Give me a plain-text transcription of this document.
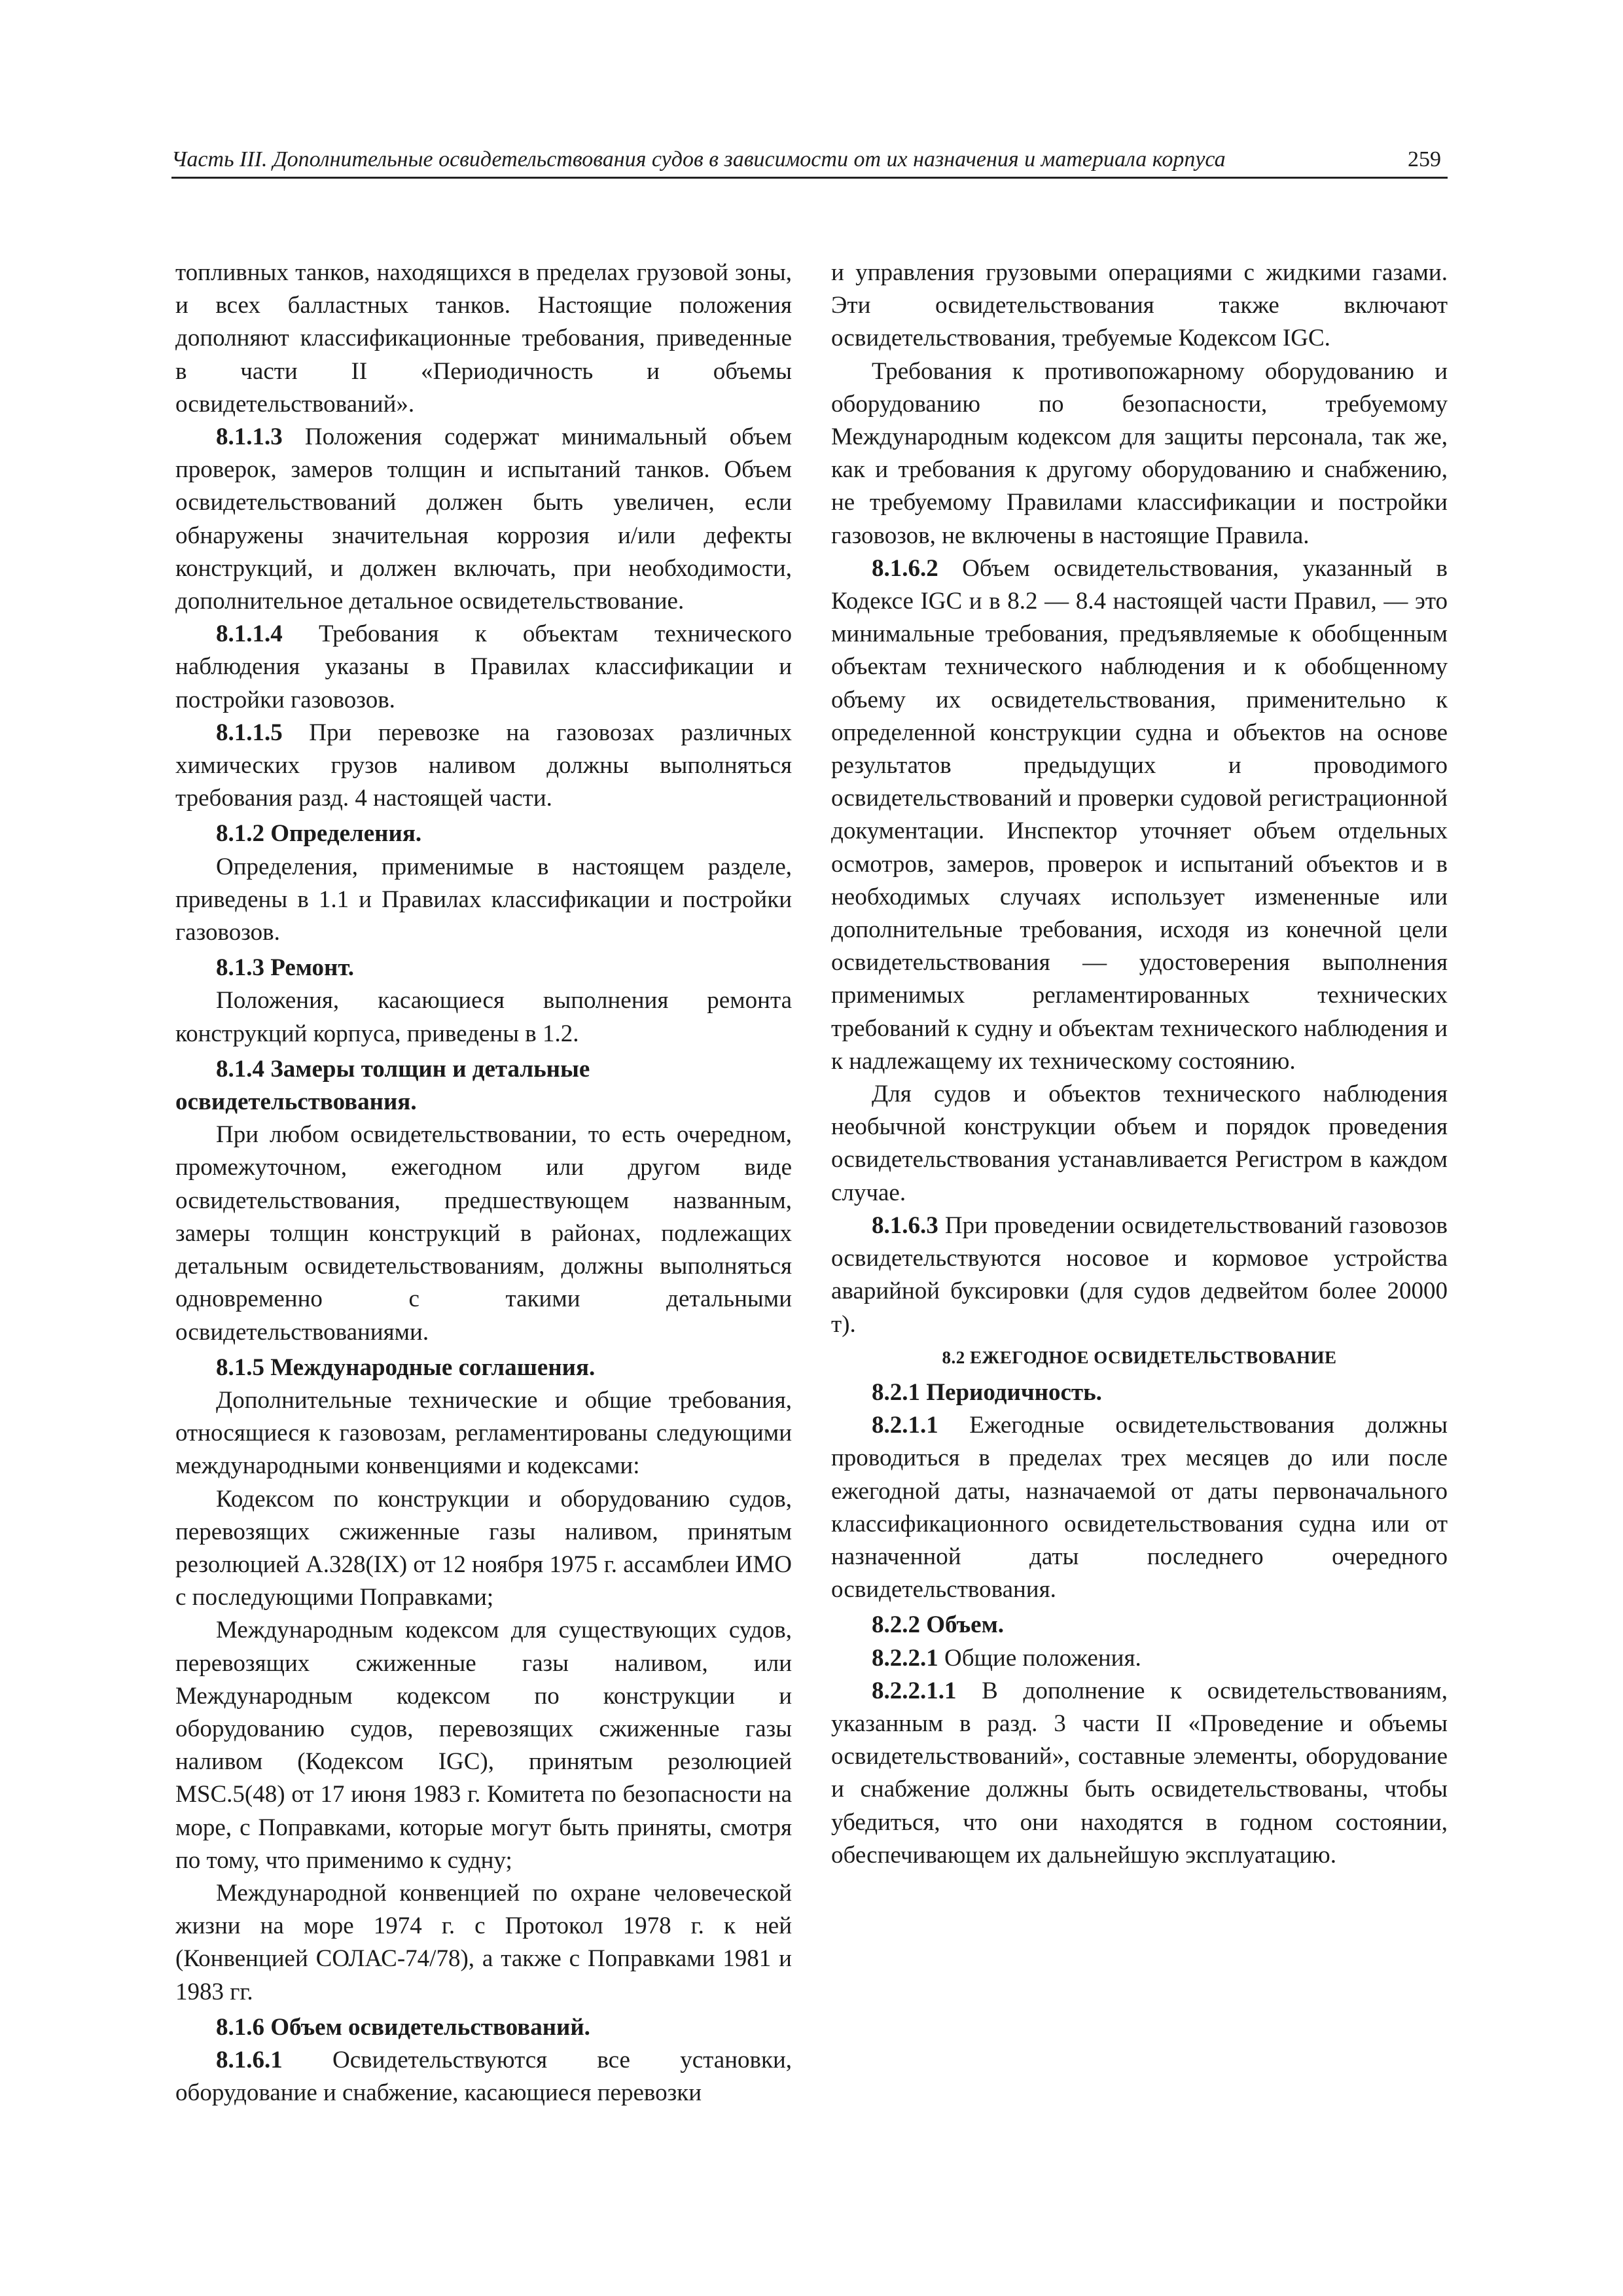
Часть III. Дополнительные освидетельствования судов в зависимости от их назначения и материала корпуса	259

топливных танков, находящихся в пределах грузовой зоны, и всех балластных танков. Настоящие положения дополняют классификационные требования, приведенные в части II «Периодичность и объемы освидетельствований».

8.1.1.3 Положения содержат минимальный объем проверок, замеров толщин и испытаний танков. Объем освидетельствований должен быть увеличен, если обнаружены значительная коррозия и/или дефекты конструкций, и должен включать, при необходимости, дополнительное детальное освидетельствование.

8.1.1.4 Требования к объектам технического наблюдения указаны в Правилах классификации и постройки газовозов.

8.1.1.5 При перевозке на газовозах различных химических грузов наливом должны выполняться требования разд. 4 настоящей части.

8.1.2 Определения.

Определения, применимые в настоящем разделе, приведены в 1.1 и Правилах классификации и постройки газовозов.

8.1.3 Ремонт.

Положения, касающиеся выполнения ремонта конструкций корпуса, приведены в 1.2.

8.1.4 Замеры толщин и детальные освидетельствования.

При любом освидетельствовании, то есть очередном, промежуточном, ежегодном или другом виде освидетельствования, предшествующем названным, замеры толщин конструкций в районах, подлежащих детальным освидетельствованиям, должны выполняться одновременно с такими детальными освидетельствованиями.

8.1.5 Международные соглашения.

Дополнительные технические и общие требования, относящиеся к газовозам, регламентированы следующими международными конвенциями и кодексами:

Кодексом по конструкции и оборудованию судов, перевозящих сжиженные газы наливом, принятым резолюцией А.328(IX) от 12 ноября 1975 г. ассамблеи ИМО с последующими Поправками;

Международным кодексом для существующих судов, перевозящих сжиженные газы наливом, или Международным кодексом по конструкции и оборудованию судов, перевозящих сжиженные газы наливом (Кодексом IGC), принятым резолюцией MSC.5(48) от 17 июня 1983 г. Комитета по безопасности на море, с Поправками, которые могут быть приняты, смотря по тому, что применимо к судну;

Международной конвенцией по охране человеческой жизни на море 1974 г. с Протокол 1978 г. к ней (Конвенцией СОЛАС-74/78), а также с Поправками 1981 и 1983 гг.

8.1.6 Объем освидетельствований.

8.1.6.1 Освидетельствуются все установки, оборудование и снабжение, касающиеся перевозки

и управления грузовыми операциями с жидкими газами. Эти освидетельствования также включают освидетельствования, требуемые Кодексом IGC.

Требования к противопожарному оборудованию и оборудованию по безопасности, требуемому Международным кодексом для защиты персонала, так же, как и требования к другому оборудованию и снабжению, не требуемому Правилами классификации и постройки газовозов, не включены в настоящие Правила.

8.1.6.2 Объем освидетельствования, указанный в Кодексе IGC и в 8.2 — 8.4 настоящей части Правил, — это минимальные требования, предъявляемые к обобщенным объектам технического наблюдения и к обобщенному объему их освидетельствования, применительно к определенной конструкции судна и объектов на основе результатов предыдущих и проводимого освидетельствований и проверки судовой регистрационной документации. Инспектор уточняет объем отдельных осмотров, замеров, проверок и испытаний объектов и в необходимых случаях использует измененные или дополнительные требования, исходя из конечной цели освидетельствования — удостоверения выполнения применимых регламентированных технических требований к судну и объектам технического наблюдения и к надлежащему их техническому состоянию.

Для судов и объектов технического наблюдения необычной конструкции объем и порядок проведения освидетельствования устанавливается Регистром в каждом случае.

8.1.6.3 При проведении освидетельствований газовозов освидетельствуются носовое и кормовое устройства аварийной буксировки (для судов дедвейтом более 20000 т).

8.2 ЕЖЕГОДНОЕ ОСВИДЕТЕЛЬСТВОВАНИЕ

8.2.1 Периодичность.

8.2.1.1 Ежегодные освидетельствования должны проводиться в пределах трех месяцев до или после ежегодной даты, назначаемой от даты первоначального классификационного освидетельствования судна или от назначенной даты последнего очередного освидетельствования.

8.2.2 Объем.

8.2.2.1 Общие положения.

8.2.2.1.1 В дополнение к освидетельствованиям, указанным в разд. 3 части II «Проведение и объемы освидетельствований», составные элементы, оборудование и снабжение должны быть освидетельствованы, чтобы убедиться, что они находятся в годном состоянии, обеспечивающем их дальнейшую эксплуатацию.
